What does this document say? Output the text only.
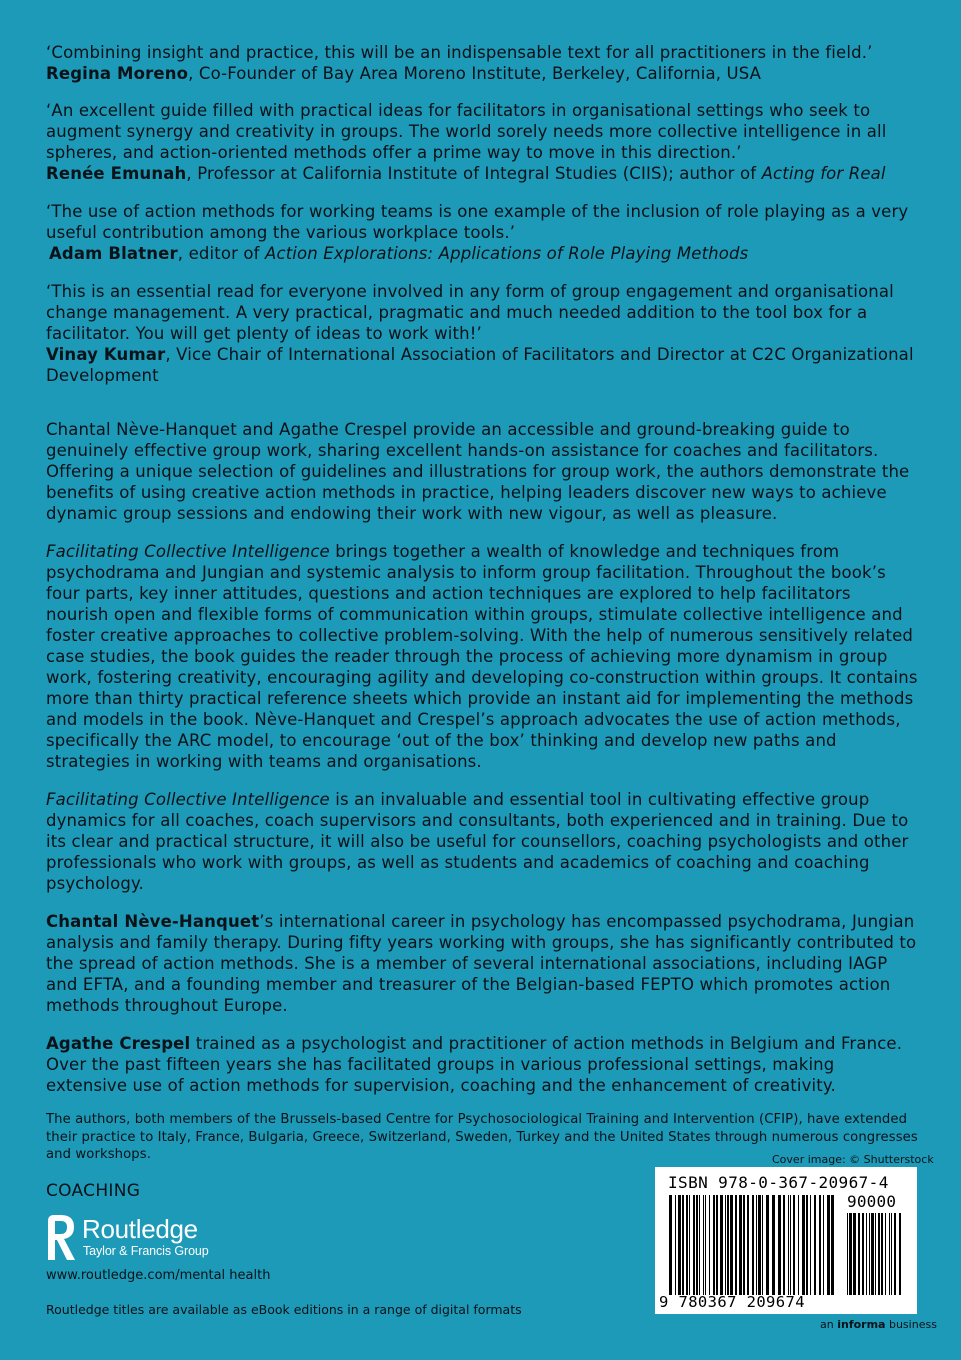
‘Combining insight and practice, this will be an indispensable text for all practitioners in the field.’

Regina Moreno, Co-Founder of Bay Area Moreno Institute, Berkeley, California, USA

‘An excellent guide filled with practical ideas for facilitators in organisational settings who seek to augment synergy and creativity in groups. The world sorely needs more collective intelligence in all spheres, and action-oriented methods offer a prime way to move in this direction.’

Renée Emunah, Professor at California Institute of Integral Studies (CIIS); author of Acting for Real

‘The use of action methods for working teams is one example of the inclusion of role playing as a very useful contribution among the various workplace tools.’

Adam Blatner, editor of Action Explorations: Applications of Role Playing Methods

‘This is an essential read for everyone involved in any form of group engagement and organisational change management. A very practical, pragmatic and much needed addition to the tool box for a facilitator. You will get plenty of ideas to work with!’

Vinay Kumar, Vice Chair of International Association of Facilitators and Director at C2C Organizational Development

Chantal Nève-Hanquet and Agathe Crespel provide an accessible and ground-breaking guide to genuinely effective group work, sharing excellent hands-on assistance for coaches and facilitators. Offering a unique selection of guidelines and illustrations for group work, the authors demonstrate the benefits of using creative action methods in practice, helping leaders discover new ways to achieve dynamic group sessions and endowing their work with new vigour, as well as pleasure.

Facilitating Collective Intelligence brings together a wealth of knowledge and techniques from psychodrama and Jungian and systemic analysis to inform group facilitation. Throughout the book’s four parts, key inner attitudes, questions and action techniques are explored to help facilitators nourish open and flexible forms of communication within groups, stimulate collective intelligence and foster creative approaches to collective problem-solving. With the help of numerous sensitively related case studies, the book guides the reader through the process of achieving more dynamism in group work, fostering creativity, encouraging agility and developing co-construction within groups. It contains more than thirty practical reference sheets which provide an instant aid for implementing the methods and models in the book. Nève-Hanquet and Crespel’s approach advocates the use of action methods, specifically the ARC model, to encourage ‘out of the box’ thinking and develop new paths and strategies in working with teams and organisations.

Facilitating Collective Intelligence is an invaluable and essential tool in cultivating effective group dynamics for all coaches, coach supervisors and consultants, both experienced and in training. Due to its clear and practical structure, it will also be useful for counsellors, coaching psychologists and other professionals who work with groups, as well as students and academics of coaching and coaching psychology.

Chantal Nève-Hanquet’s international career in psychology has encompassed psychodrama, Jungian analysis and family therapy. During fifty years working with groups, she has significantly contributed to the spread of action methods. She is a member of several international associations, including IAGP and EFTA, and a founding member and treasurer of the Belgian-based FEPTO which promotes action methods throughout Europe.

Agathe Crespel trained as a psychologist and practitioner of action methods in Belgium and France. Over the past fifteen years she has facilitated groups in various professional settings, making extensive use of action methods for supervision, coaching and the enhancement of creativity.

The authors, both members of the Brussels-based Centre for Psychosociological Training and Intervention (CFIP), have extended their practice to Italy, France, Bulgaria, Greece, Switzerland, Sweden, Turkey and the United States through numerous congresses and workshops.

COACHING
Routledge
Taylor & Francis Group
www.routledge.com/mental health
Routledge titles are available as eBook editions in a range of digital formats
Cover image: © Shutterstock
ISBN 978-0-367-20967-4
90000
9 780367 209674
an informa business
